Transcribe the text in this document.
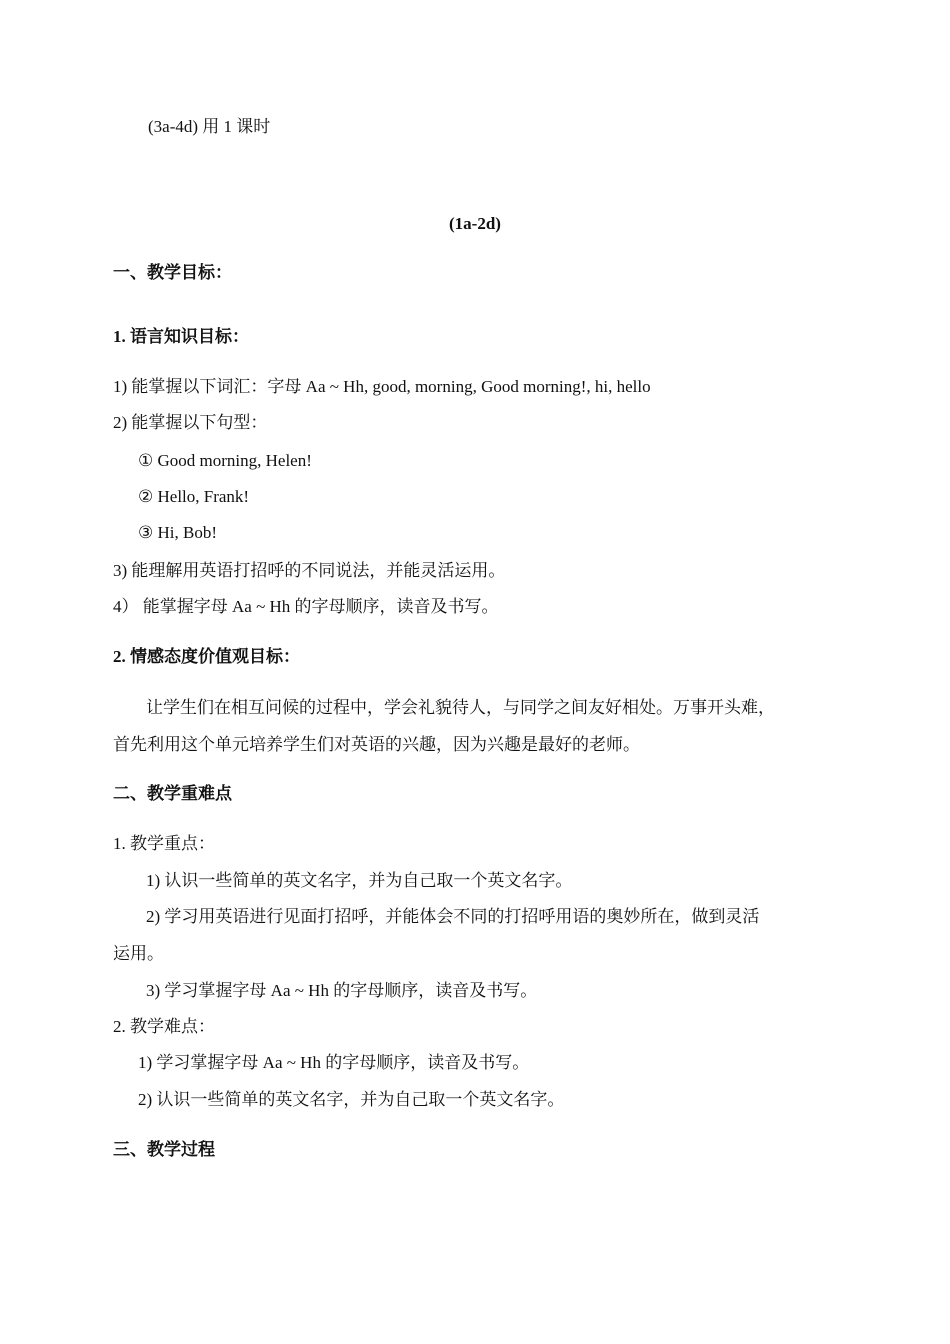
(3a-4d) 用 1 课时
(1a-2d)
一、教学目标：
1. 语言知识目标：
1) 能掌握以下词汇：字母 Aa ~ Hh, good, morning, Good morning!, hi, hello
2) 能掌握以下句型：
① Good morning, Helen!
② Hello, Frank!
③ Hi, Bob!
3) 能理解用英语打招呼的不同说法，并能灵活运用。
4） 能掌握字母 Aa ~ Hh 的字母顺序，读音及书写。
2. 情感态度价值观目标：
让学生们在相互问候的过程中，学会礼貌待人，与同学之间友好相处。万事开头难，
首先利用这个单元培养学生们对英语的兴趣，因为兴趣是最好的老师。
二、教学重难点
1. 教学重点：
1) 认识一些简单的英文名字，并为自己取一个英文名字。
2) 学习用英语进行见面打招呼，并能体会不同的打招呼用语的奥妙所在，做到灵活
运用。
3) 学习掌握字母 Aa ~ Hh 的字母顺序，读音及书写。
2. 教学难点：
1) 学习掌握字母 Aa ~ Hh 的字母顺序，读音及书写。
2) 认识一些简单的英文名字，并为自己取一个英文名字。
三、教学过程
